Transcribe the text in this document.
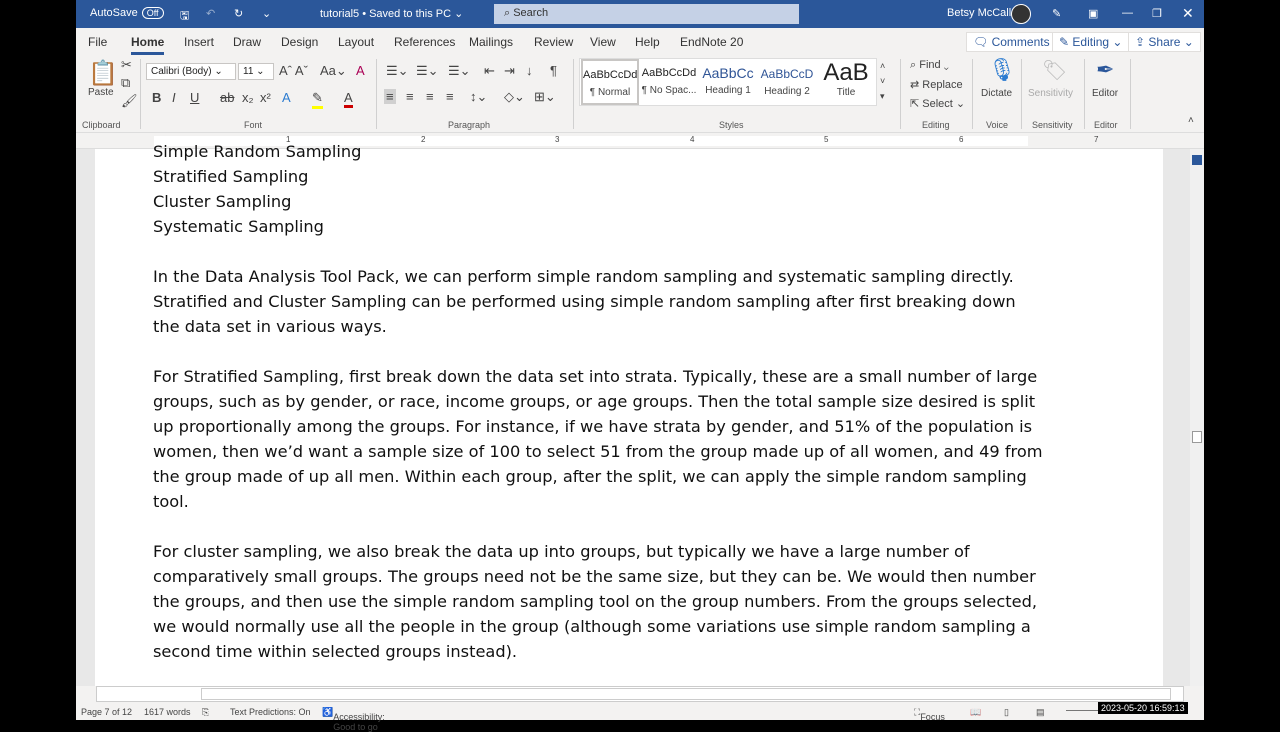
AutoSave Off	🖫 ↶ ↻ ⌄	tutorial5 • Saved to this PC ⌄	⌕ Search	Betsy McCall	✎ ▣ — ❐ ✕
File Home Insert Draw Design Layout References Mailings Review View Help EndNote 20	🗨 Comments ✎ Editing ⌄	⇪ Share ⌄
📋
Paste
✂
⧉
🖌
Clipboard
Calibri (Body) ⌄	11 ⌄	Aˆ Aˇ Aa⌄ A
B I U ab x₂ x² A ✎ A
Font
☰⌄ ☰⌄ ☰⌄ ⇤ ⇥ ↓ ¶
≡ ≡ ≡ ≡ ↕⌄ ◇⌄ ⊞⌄
Paragraph
AaBbCcDd
¶ Normal
AaBbCcDd
¶ No Spac...
AaBbCc
Heading 1
AaBbCcD
Heading 2
AaB
Title
˄
˅
▾
Styles
⌕ Find ⌄
⇄ Replace
⇱ Select ⌄
Editing
🎙
Dictate
Voice
🏷
Sensitivity
Sensitivity
✒
Editor
Editor	˄
1	2	3	4	5	6	7
Simple Random Sampling
Stratified Sampling
Cluster Sampling

Systematic Sampling

In the Data Analysis Tool Pack, we can perform simple random sampling and systematic sampling directly. Stratified and Cluster Sampling can be performed using simple random sampling after first breaking down the data set in various ways.

For Stratified Sampling, first break down the data set into strata. Typically, these are a small number of large groups, such as by gender, or race, income groups, or age groups. Then the total sample size desired is split up proportionally among the groups. For instance, if we have strata by gender, and 51% of the population is women, then we’d want a sample size of 100 to select 51 from the group made up of all women, and 49 from the group made of up all men. Within each group, after the split, we can apply the simple random sampling tool.

For cluster sampling, we also break the data up into groups, but typically we have a large number of comparatively small groups. The groups need not be the same size, but they can be. We would then number the groups, and then use the simple random sampling tool on the group numbers. From the groups selected, we would normally use all the people in the group (although some variations use simple random sampling a second time within selected groups instead).

Page 7 of 12 1617 words ⎘ Text Predictions: On ♿ Accessibility: Good to go
⛶ Focus	📖	▯	▤	2023-05-20 16:59:13
